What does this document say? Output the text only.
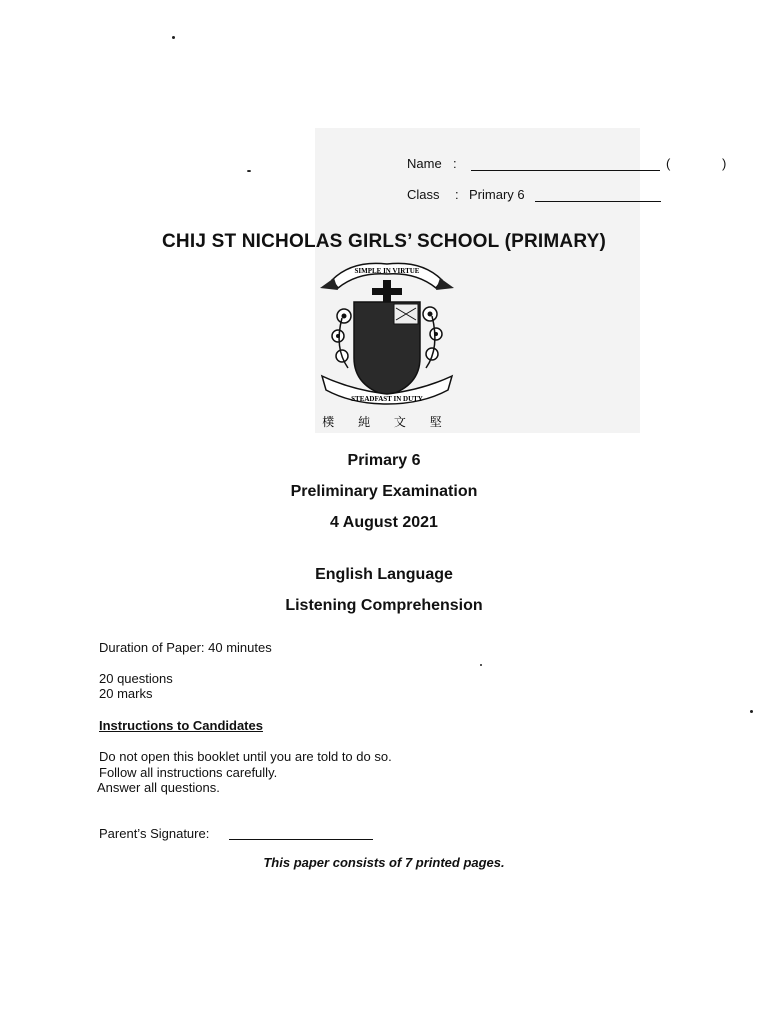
Name :	(	)
Class : Primary 6
CHIJ ST NICHOLAS GIRLS’ SCHOOL (PRIMARY)
SIMPLE IN VIRTUE
STEADFAST IN DUTY
樸 純 文 堅
Primary 6
Preliminary Examination
4 August 2021
English Language
Listening Comprehension
Duration of Paper: 40 minutes
20 questions
20 marks
Instructions to Candidates
Do not open this booklet until you are told to do so.
Follow all instructions carefully.
Answer all questions.
Parent’s Signature:
This paper consists of 7 printed pages.
